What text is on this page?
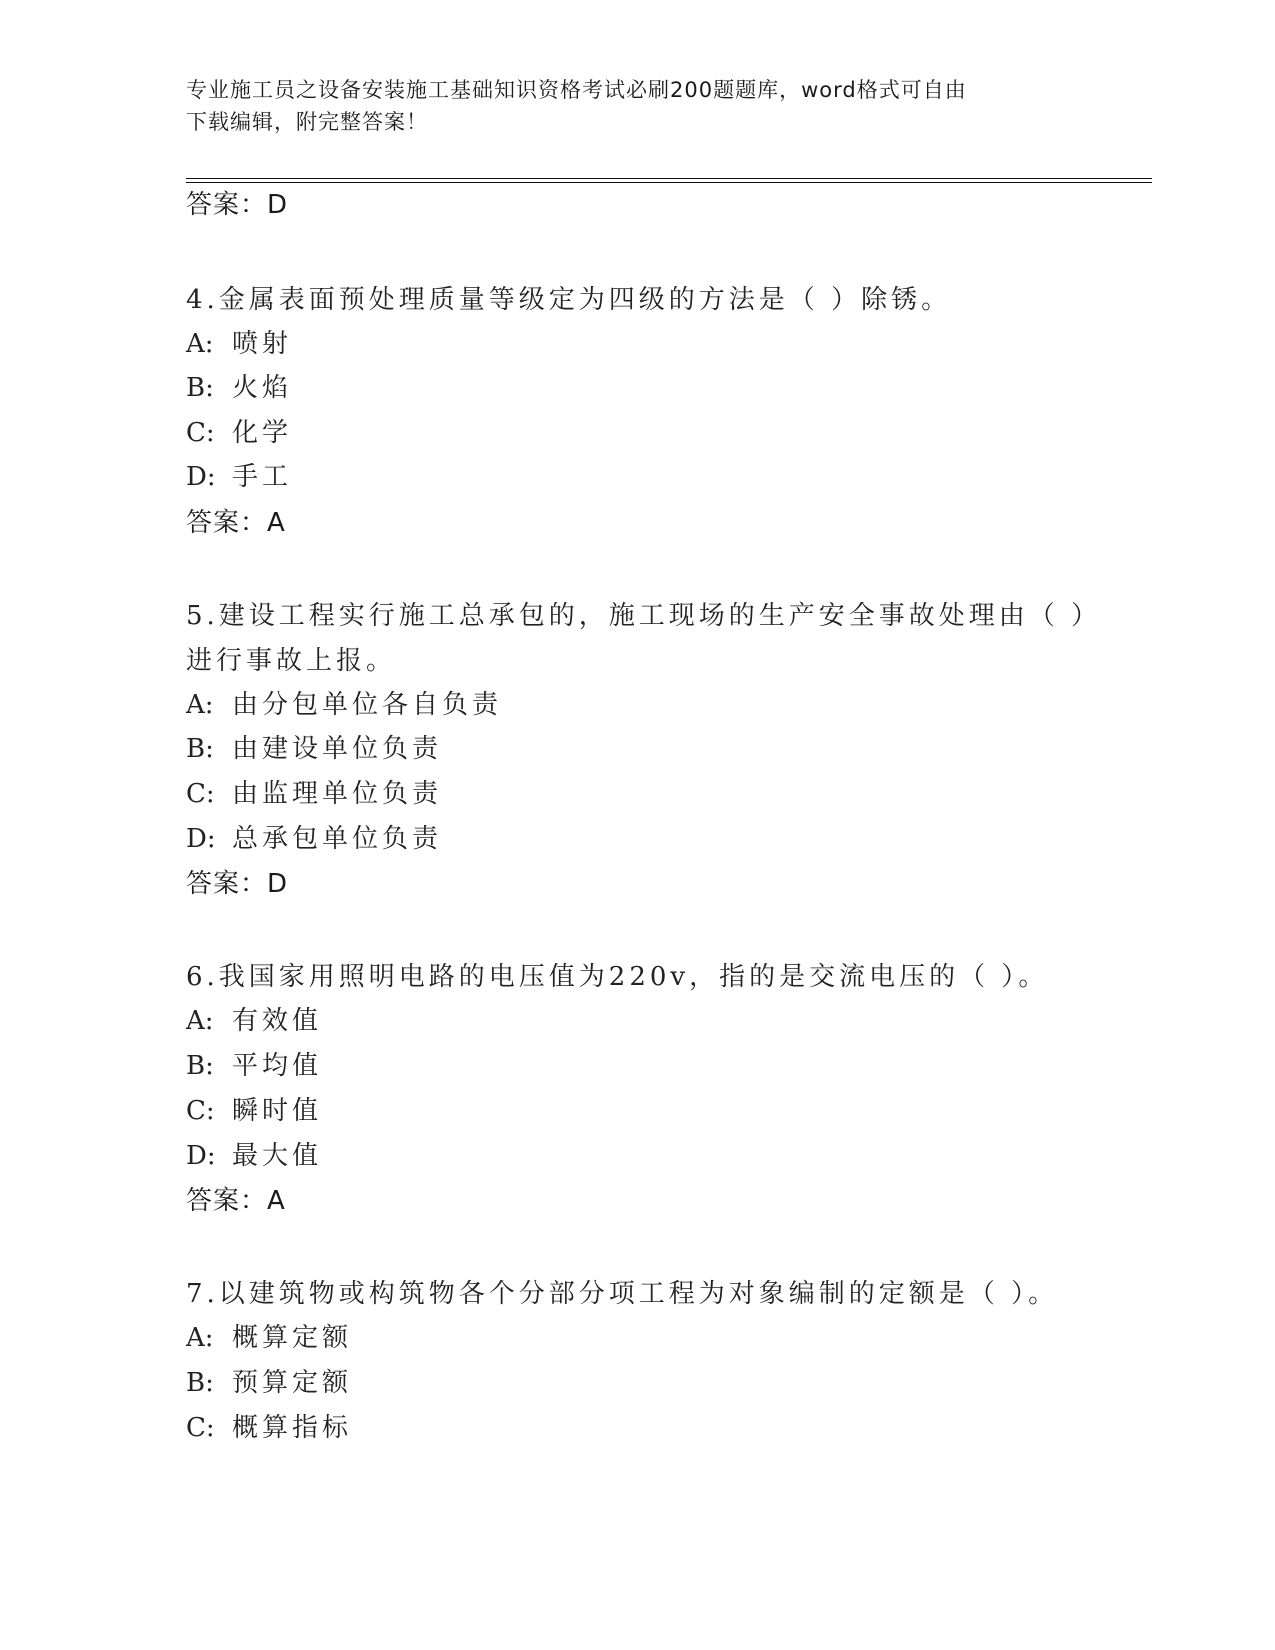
专业施工员之设备安装施工基础知识资格考试必刷200题题库，word格式可自由
下载编辑，附完整答案！
答案：D
4.金属表面预处理质量等级定为四级的方法是（ ）除锈。
A: 喷射
B: 火焰
C: 化学
D: 手工
答案：A
5.建设工程实行施工总承包的，施工现场的生产安全事故处理由（ ）
进行事故上报。
A: 由分包单位各自负责
B: 由建设单位负责
C: 由监理单位负责
D: 总承包单位负责
答案：D
6.我国家用照明电路的电压值为220v，指的是交流电压的（ ）。
A: 有效值
B: 平均值
C: 瞬时值
D: 最大值
答案：A
7.以建筑物或构筑物各个分部分项工程为对象编制的定额是（ ）。
A: 概算定额
B: 预算定额
C: 概算指标
